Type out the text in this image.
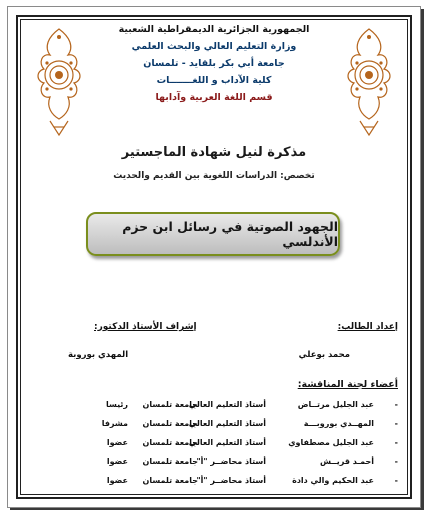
الجمهورية الجزائرية الديمقراطية الشعبية
وزارة التعليم العالي والبحث العلمي
جامعة أبي بكر بلقايد - تلمسان
كلية الآداب و اللغـــــــات
قسم اللغة العربية وآدابها
مذكرة لنيل شهادة الماجستير
تخصص: الدراسات اللغوية بين القديم والحديث
الجهود الصوتية في رسائل ابن حزم الأندلسي
إعداد الطالب:
إشراف الأستاذ الدكتور:
محمد بوعلي
المهدي بوروبة
أعضاء لجنة المناقشة:
-
عبد الجليل مرتــاض
أستاذ التعليم العالي
جامعة تلمسان
رئيسا
-
المهــدي بوروبـــة
أستاذ التعليم العالي
جامعة تلمسان
مشرفا
-
عبد الجليل مصطفاوي
أستاذ التعليم العالي
جامعة تلمسان
عضوا
-
أحمـد قريــش
أستاذ محاضــر "أ"
جامعة تلمسان
عضوا
-
عبد الحكيم والي دادة
أستاذ محاضــر "أ"
جامعة تلمسان
عضوا
